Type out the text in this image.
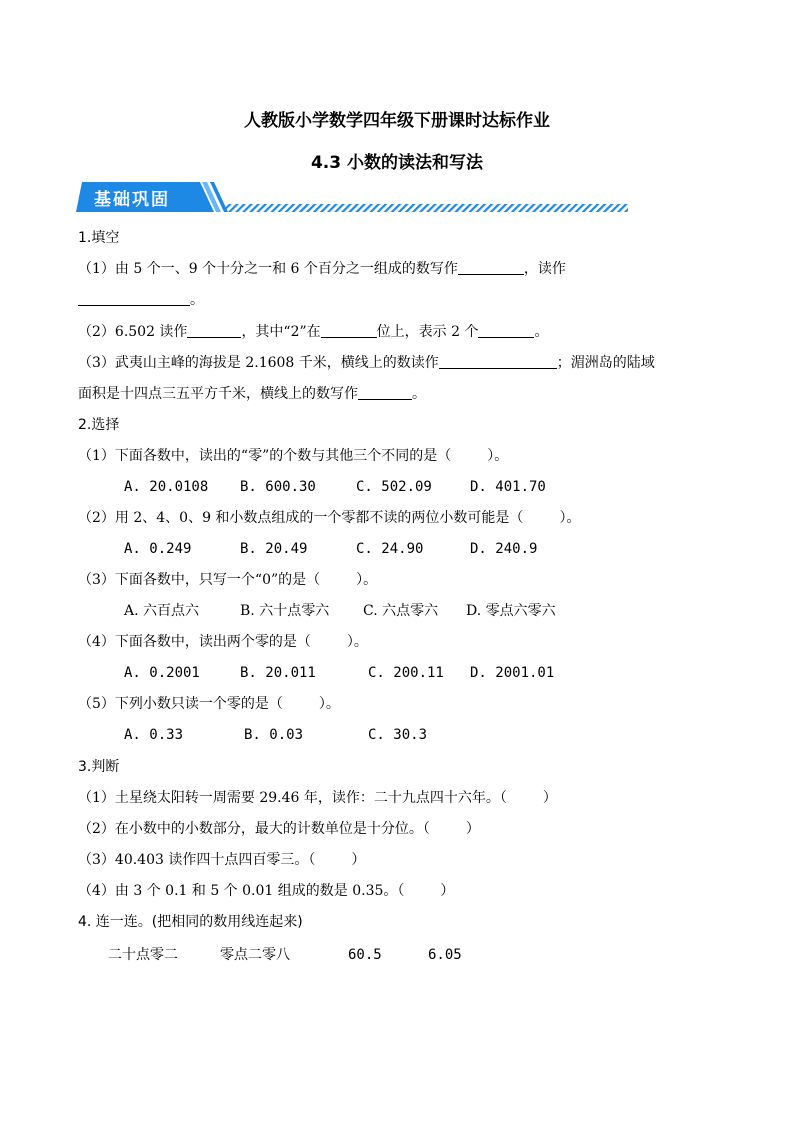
人教版小学数学四年级下册课时达标作业
4.3 小数的读法和写法
基础巩固
1.填空
（1）由 5 个一、9 个十分之一和 6 个百分之一组成的数写作	，读作
。
（2）6.502 读作	，其中“2”在	位上，表示 2 个	。
（3）武夷山主峰的海拔是 2.1608 千米，横线上的数读作	；湄洲岛的陆域
面积是十四点三五平方千米，横线上的数写作	。
2.选择
（1）下面各数中，读出的“零”的个数与其他三个不同的是（	）。
A. 20.0108 B. 600.30	C. 502.09	D. 401.70
（2）用 2、4、0、9 和小数点组成的一个零都不读的两位小数可能是（	）。
A. 0.249	B. 20.49	C. 24.90	D. 240.9
（3）下面各数中，只写一个“0”的是（	）。
A. 六百点六	B. 六十点零六 C. 六点零六 D. 零点六零六
（4）下面各数中，读出两个零的是（	）。
A. 0.2001	B. 20.011	C. 200.11 D. 2001.01
（5）下列小数只读一个零的是（	）。
A. 0.33	B. 0.03	C. 30.3
3.判断
（1）土星绕太阳转一周需要 29.46 年，读作：二十九点四十六年。（	）
（2）在小数中的小数部分，最大的计数单位是十分位。（	）
（3）40.403 读作四十点四百零三。（	）
（4）由 3 个 0.1 和 5 个 0.01 组成的数是 0.35。（	）
4. 连一连。(把相同的数用线连起来)
二十点零二	零点二零八	60.5	6.05
